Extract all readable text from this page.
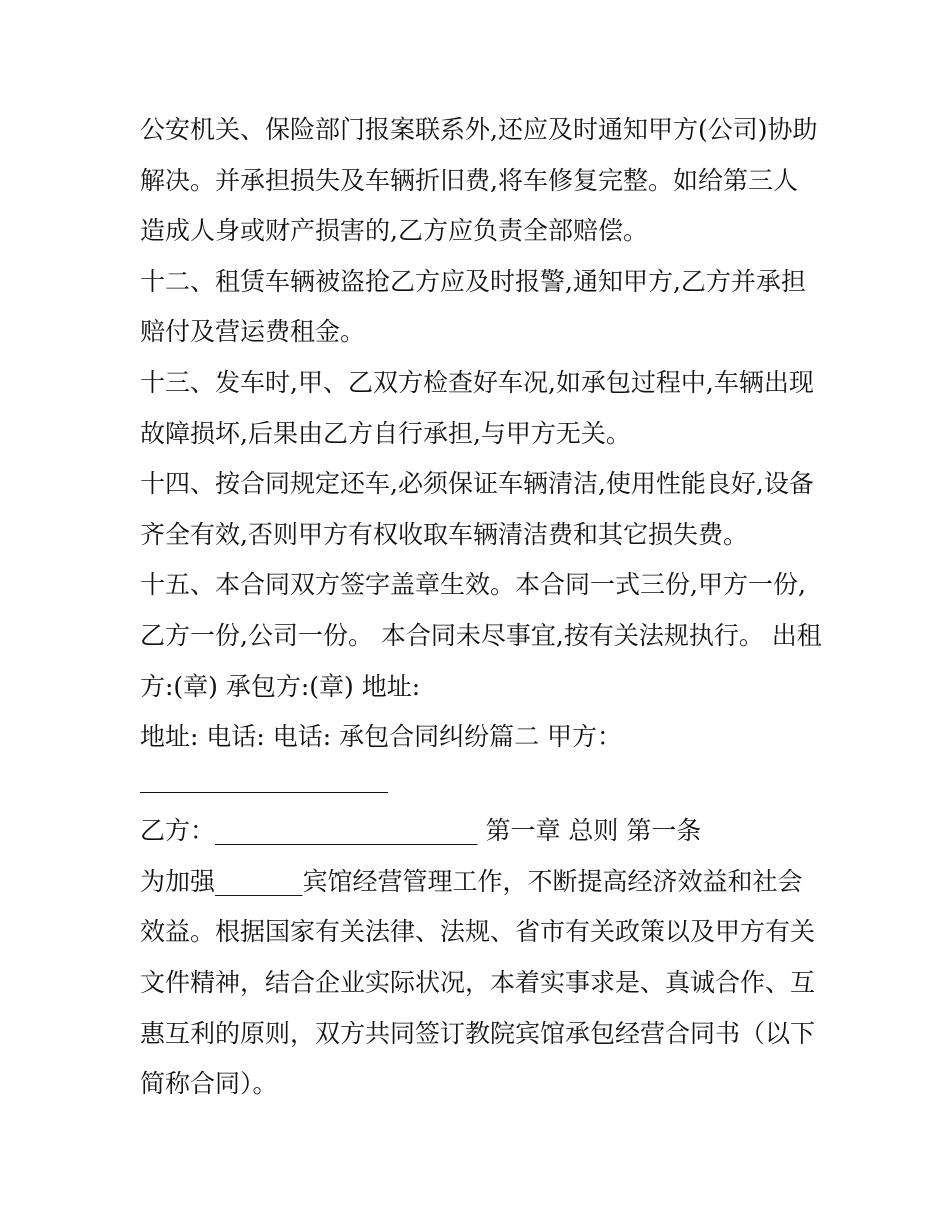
公安机关、保险部门报案联系外,还应及时通知甲方(公司)协助
解决。并承担损失及车辆折旧费,将车修复完整。如给第三人
造成人身或财产损害的,乙方应负责全部赔偿。
十二、租赁车辆被盗抢乙方应及时报警,通知甲方,乙方并承担
赔付及营运费租金。
十三、发车时,甲、乙双方检查好车况,如承包过程中,车辆出现
故障损坏,后果由乙方自行承担,与甲方无关。
十四、按合同规定还车,必须保证车辆清洁,使用性能良好,设备
齐全有效,否则甲方有权收取车辆清洁费和其它损失费。
十五、本合同双方签字盖章生效。本合同一式三份,甲方一份,
乙方一份,公司一份。 本合同未尽事宜,按有关法规执行。 出租
方:(章) 承包方:(章) 地址:
地址: 电话: 电话: 承包合同纠纷篇二 甲方：
乙方：_____________________ 第一章 总则 第一条
为加强_______宾馆经营管理工作，不断提高经济效益和社会
效益。根据国家有关法律、法规、省市有关政策以及甲方有关
文件精神，结合企业实际状况，本着实事求是、真诚合作、互
惠互利的原则，双方共同签订教院宾馆承包经营合同书（以下
简称合同）。
